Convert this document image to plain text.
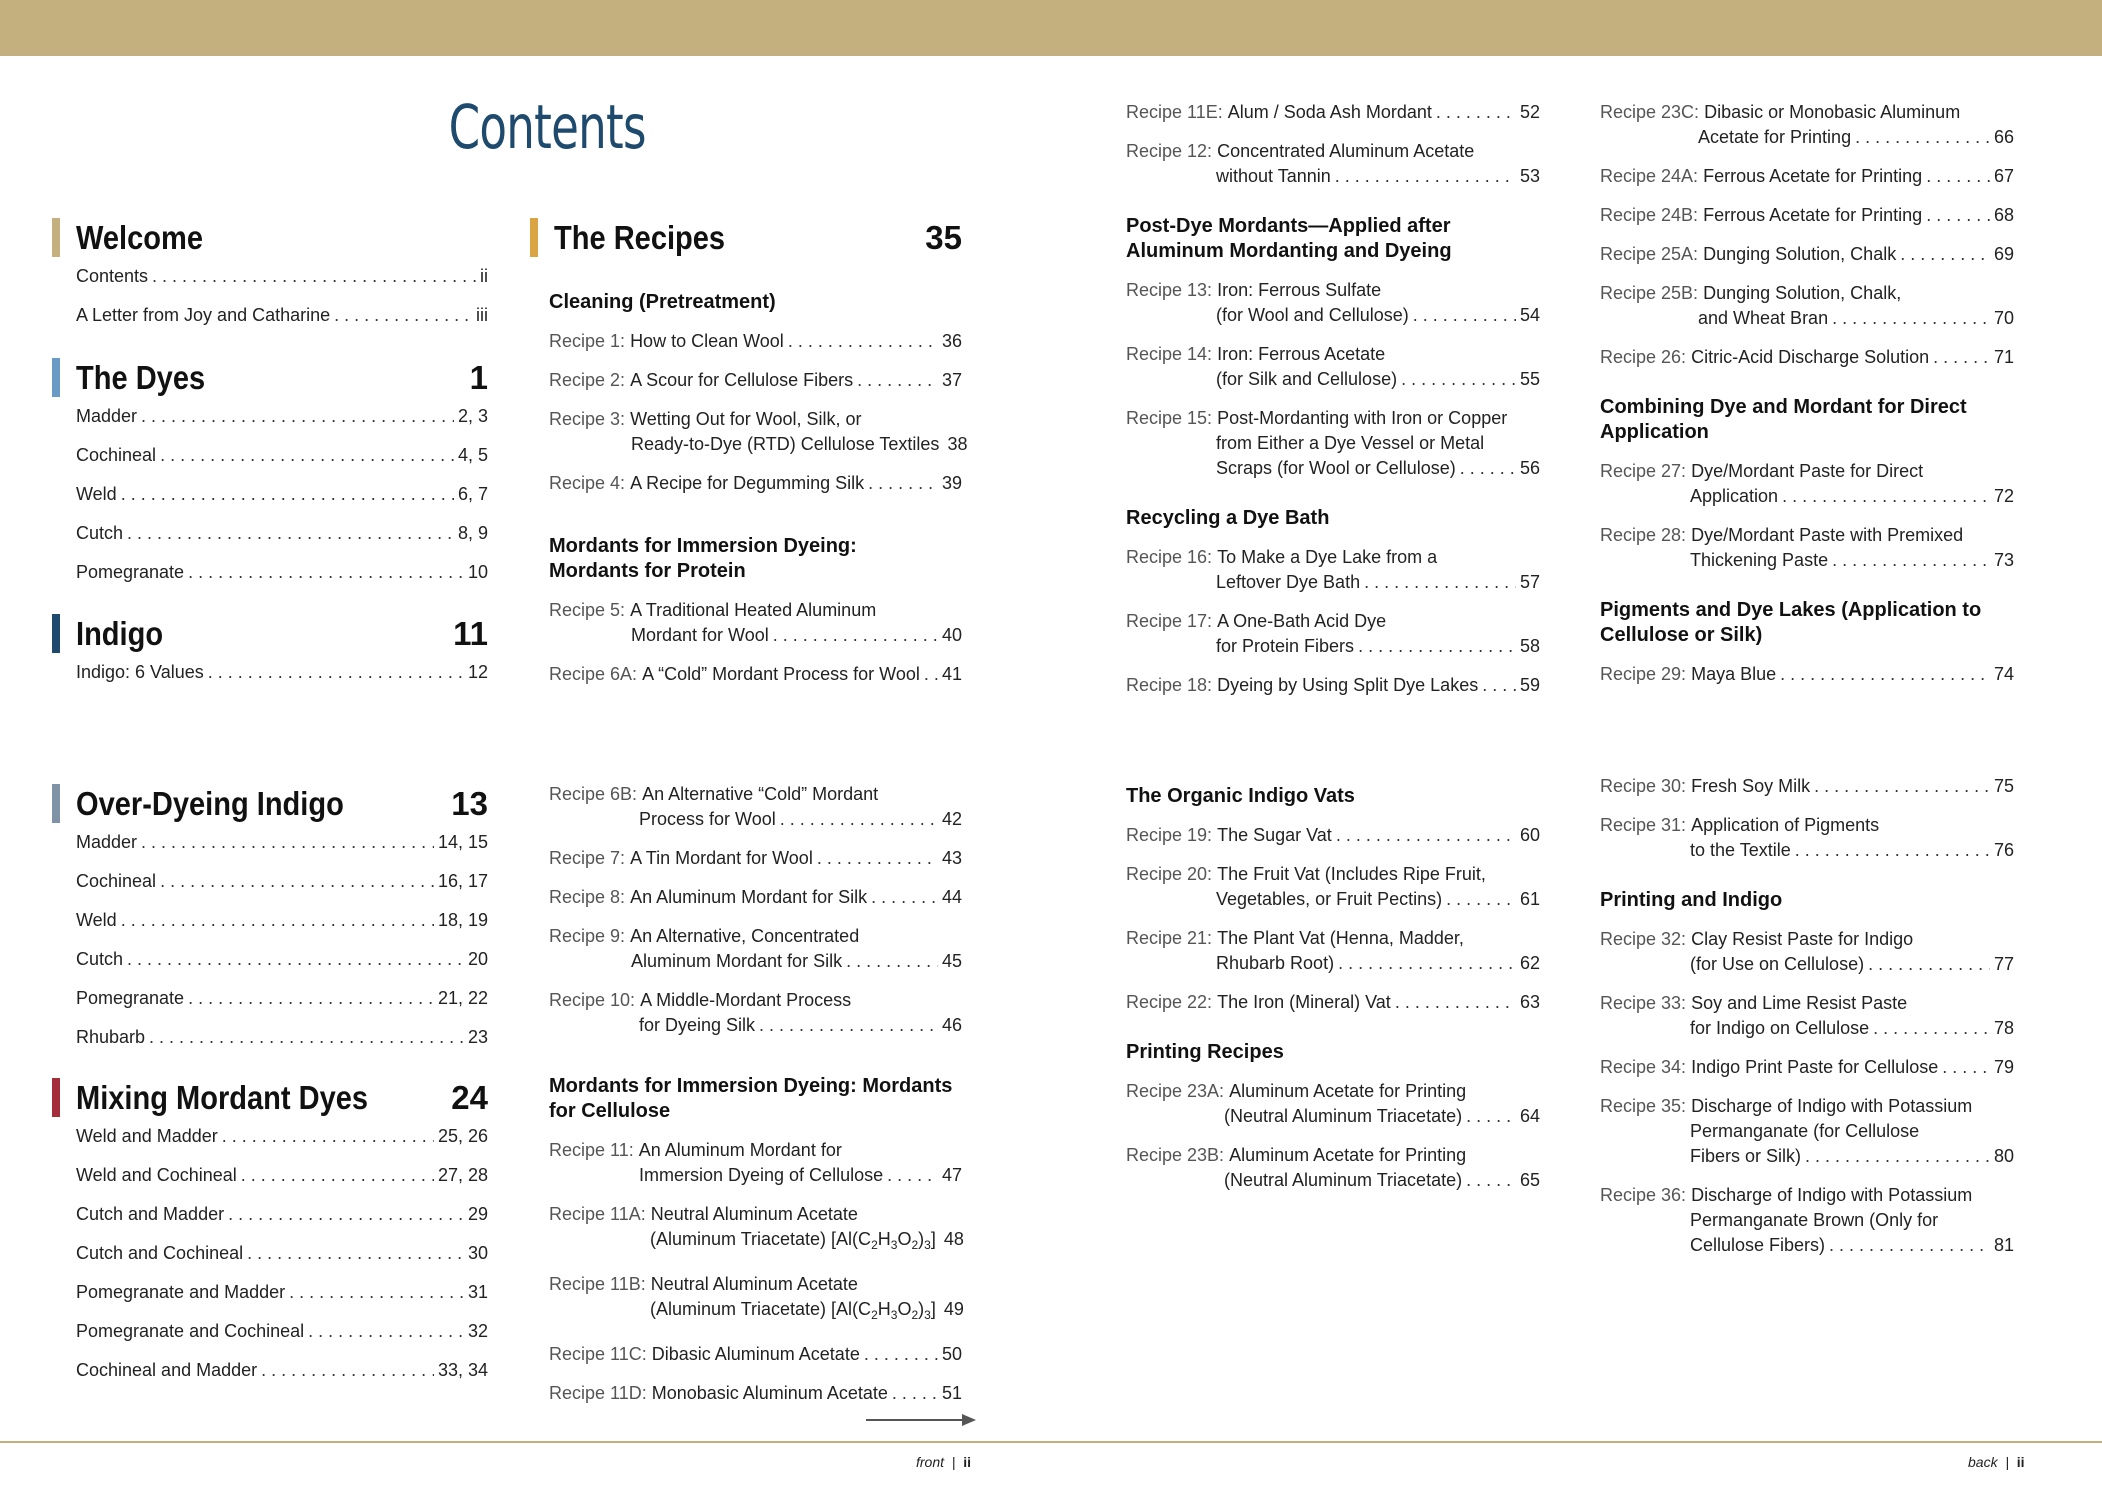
Contents
Welcome
Contents . . .	ii
A Letter from Joy and Catharine . . .	iii
The Dyes	1
Madder . . .	2, 3
Cochineal . . .	4, 5
Weld . . .	6, 7
Cutch . . .	8, 9
Pomegranate . . .	10
Indigo	11
Indigo: 6 Values . . .	12
Over-Dyeing Indigo	13
Madder . . .	14, 15
Cochineal . . .	16, 17
Weld . . .	18, 19
Cutch . . .	20
Pomegranate . . .	21, 22
Rhubarb . . .	23
Mixing Mordant Dyes	24
Weld and Madder . . .	25, 26
Weld and Cochineal . . .	27, 28
Cutch and Madder . . .	29
Cutch and Cochineal . . .	30
Pomegranate and Madder . . .	31
Pomegranate and Cochineal . . .	32
Cochineal and Madder . . .	33, 34
The Recipes	35
Cleaning (Pretreatment)
Recipe 1:
How to Clean Wool . . .	36
Recipe 2:
A Scour for Cellulose Fibers . . .	37
Recipe 3:
Wetting Out for Wool, Silk, or
Ready-to-Dye (RTD) Cellulose Textiles 38
Recipe 4:
A Recipe for Degumming Silk . . .	39
Mordants for Immersion Dyeing:
Mordants for Protein
Recipe 5:
A Traditional Heated Aluminum
Mordant for Wool . . .	40
Recipe 6A:
A “Cold” Mordant Process for Wool . . . 41
Recipe 6B:
An Alternative “Cold” Mordant
Process for Wool . . .	42
Recipe 7:
A Tin Mordant for Wool . . .	43
Recipe 8:
An Aluminum Mordant for Silk . . .	44
Recipe 9:
An Alternative, Concentrated
Aluminum Mordant for Silk . . .	45
Recipe 10:
A Middle-Mordant Process
for Dyeing Silk . . .	46
Mordants for Immersion Dyeing: Mordants
for Cellulose
Recipe 11:
An Aluminum Mordant for
Immersion Dyeing of Cellulose . . .	47
Recipe 11A:
Neutral Aluminum Acetate
(Aluminum Triacetate) $[Al(C_2H_3O_2)_3]$ 48
Recipe 11B:
Neutral Aluminum Acetate
(Aluminum Triacetate) $[Al(C_2H_3O_2)_3]$ 49
Recipe 11C:
Dibasic Aluminum Acetate . . .	50
Recipe 11D:
Monobasic Aluminum Acetate . . .	51
Recipe 11E:
Alum / Soda Ash Mordant . . .	52
Recipe 12:
Concentrated Aluminum Acetate
without Tannin . . .	53
Post-Dye Mordants—Applied after
Aluminum Mordanting and Dyeing
Recipe 13:
Iron: Ferrous Sulfate
(for Wool and Cellulose) . . .	54
Recipe 14:
Iron: Ferrous Acetate
(for Silk and Cellulose) . . .	55
Recipe 15:
Post-Mordanting with Iron or Copper
from Either a Dye Vessel or Metal
Scraps (for Wool or Cellulose) . . .	56
Recycling a Dye Bath
Recipe 16:
To Make a Dye Lake from a
Leftover Dye Bath . . .	57
Recipe 17:
A One-Bath Acid Dye
for Protein Fibers . . .	58
Recipe 18:
Dyeing by Using Split Dye Lakes . . . 59
The Organic Indigo Vats
Recipe 19:
The Sugar Vat . . .	60
Recipe 20:
The Fruit Vat (Includes Ripe Fruit,
Vegetables, or Fruit Pectins) . . .	61
Recipe 21:
The Plant Vat (Henna, Madder,
Rhubarb Root) . . .	62
Recipe 22:
The Iron (Mineral) Vat . . .	63
Printing Recipes
Recipe 23A:
Aluminum Acetate for Printing
(Neutral Aluminum Triacetate) . . .	64
Recipe 23B:
Aluminum Acetate for Printing
(Neutral Aluminum Triacetate) . . .	65
Recipe 23C:
Dibasic or Monobasic Aluminum
Acetate for Printing . . .	66
Recipe 24A:
Ferrous Acetate for Printing . . .	67
Recipe 24B:
Ferrous Acetate for Printing . . .	68
Recipe 25A:
Dunging Solution, Chalk . . .	69
Recipe 25B:
Dunging Solution, Chalk,
and Wheat Bran . . .	70
Recipe 26:
Citric-Acid Discharge Solution . . .	71
Combining Dye and Mordant for Direct
Application
Recipe 27:
Dye/Mordant Paste for Direct
Application . . .	72
Recipe 28:
Dye/Mordant Paste with Premixed
Thickening Paste . . .	73
Pigments and Dye Lakes (Application to
Cellulose or Silk)
Recipe 29:
Maya Blue . . .	74
Recipe 30:
Fresh Soy Milk . . .	75
Recipe 31:
Application of Pigments
to the Textile . . .	76
Printing and Indigo
Recipe 32:
Clay Resist Paste for Indigo
(for Use on Cellulose) . . .	77
Recipe 33:
Soy and Lime Resist Paste
for Indigo on Cellulose . . .	78
Recipe 34:
Indigo Print Paste for Cellulose . . .	79
Recipe 35:
Discharge of Indigo with Potassium
Permanganate (for Cellulose
Fibers or Silk) . . .	80
Recipe 36:
Discharge of Indigo with Potassium
Permanganate Brown (Only for
Cellulose Fibers) . . .	81
front | ii	back | ii
